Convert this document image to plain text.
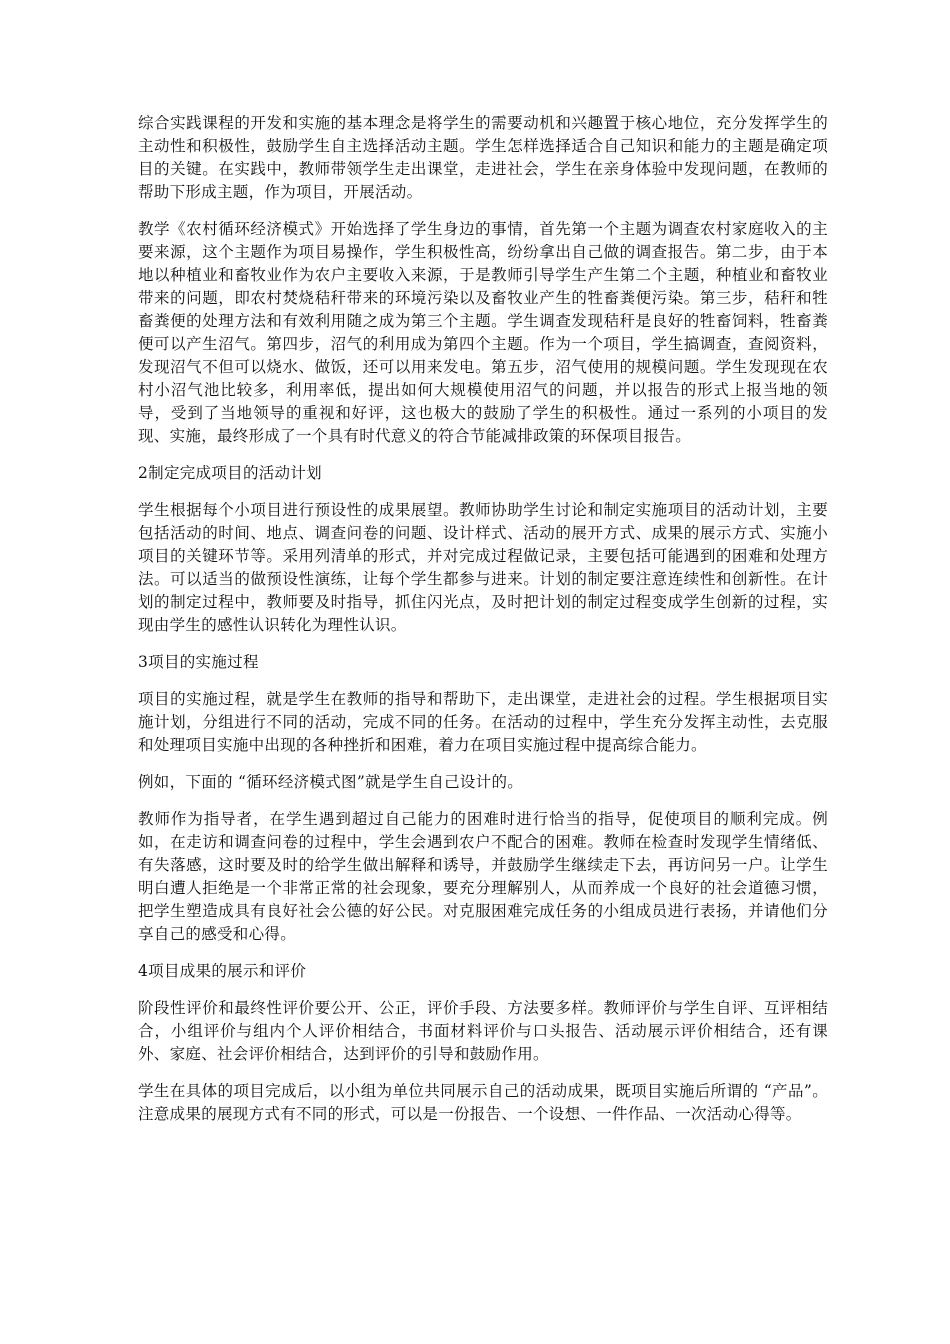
综合实践课程的开发和实施的基本理念是将学生的需要动机和兴趣置于核心地位，充分发挥学生的主动性和积极性，鼓励学生自主选择活动主题。学生怎样选择适合自己知识和能力的主题是确定项目的关键。在实践中，教师带领学生走出课堂，走进社会，学生在亲身体验中发现问题，在教师的帮助下形成主题，作为项目，开展活动。

教学《农村循环经济模式》开始选择了学生身边的事情，首先第一个主题为调查农村家庭收入的主要来源，这个主题作为项目易操作，学生积极性高，纷纷拿出自己做的调查报告。第二步，由于本地以种植业和畜牧业作为农户主要收入来源，于是教师引导学生产生第二个主题，种植业和畜牧业带来的问题，即农村焚烧秸秆带来的环境污染以及畜牧业产生的牲畜粪便污染。第三步，秸秆和牲畜粪便的处理方法和有效利用随之成为第三个主题。学生调查发现秸秆是良好的牲畜饲料，牲畜粪便可以产生沼气。第四步，沼气的利用成为第四个主题。作为一个项目，学生搞调查，查阅资料，发现沼气不但可以烧水、做饭，还可以用来发电。第五步，沼气使用的规模问题。学生发现现在农村小沼气池比较多，利用率低，提出如何大规模使用沼气的问题，并以报告的形式上报当地的领导，受到了当地领导的重视和好评，这也极大的鼓励了学生的积极性。通过一系列的小项目的发现、实施，最终形成了一个具有时代意义的符合节能减排政策的环保项目报告。

2制定完成项目的活动计划

学生根据每个小项目进行预设性的成果展望。教师协助学生讨论和制定实施项目的活动计划，主要包括活动的时间、地点、调查问卷的问题、设计样式、活动的展开方式、成果的展示方式、实施小项目的关键环节等。采用列清单的形式，并对完成过程做记录，主要包括可能遇到的困难和处理方法。可以适当的做预设性演练，让每个学生都参与进来。计划的制定要注意连续性和创新性。在计划的制定过程中，教师要及时指导，抓住闪光点，及时把计划的制定过程变成学生创新的过程，实现由学生的感性认识转化为理性认识。

3项目的实施过程

项目的实施过程，就是学生在教师的指导和帮助下，走出课堂，走进社会的过程。学生根据项目实施计划，分组进行不同的活动，完成不同的任务。在活动的过程中，学生充分发挥主动性，去克服和处理项目实施中出现的各种挫折和困难，着力在项目实施过程中提高综合能力。

例如，下面的 “循环经济模式图”就是学生自己设计的。

教师作为指导者，在学生遇到超过自己能力的困难时进行恰当的指导，促使项目的顺利完成。例如，在走访和调查问卷的过程中，学生会遇到农户不配合的困难。教师在检查时发现学生情绪低、有失落感，这时要及时的给学生做出解释和诱导，并鼓励学生继续走下去，再访问另一户。让学生明白遭人拒绝是一个非常正常的社会现象，要充分理解别人，从而养成一个良好的社会道德习惯，把学生塑造成具有良好社会公德的好公民。对克服困难完成任务的小组成员进行表扬，并请他们分享自己的感受和心得。

4项目成果的展示和评价

阶段性评价和最终性评价要公开、公正，评价手段、方法要多样。教师评价与学生自评、互评相结合，小组评价与组内个人评价相结合，书面材料评价与口头报告、活动展示评价相结合，还有课外、家庭、社会评价相结合，达到评价的引导和鼓励作用。

学生在具体的项目完成后，以小组为单位共同展示自己的活动成果，既项目实施后所谓的 “产品”。注意成果的展现方式有不同的形式，可以是一份报告、一个设想、一件作品、一次活动心得等。
